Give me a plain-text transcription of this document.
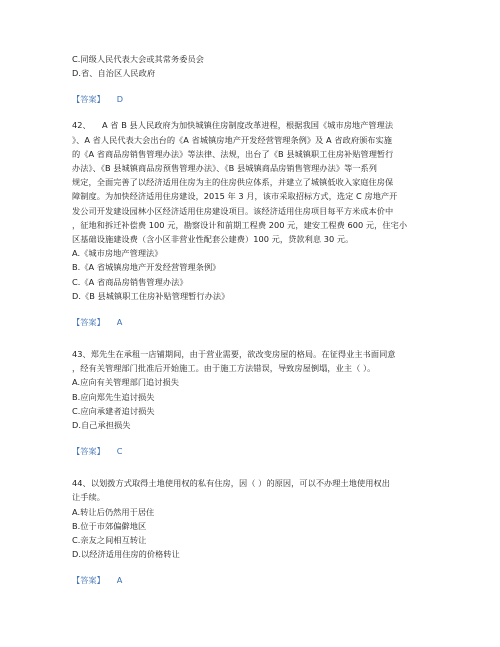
C.同级人民代表大会或其常务委员会
D.省、自治区人民政府
【答案】 D
42、 A 省 B 县人民政府为加快城镇住房制度改革进程，根据我国《城市房地产管理法
》、A 省人民代表大会出台的《A 省城镇房地产开发经营管理条例》及 A 省政府颁布实施
的《A 省商品房销售管理办法》等法律、法规，出台了《B 县城镇职工住房补贴管理暂行
办法》、《B 县城镇商品房预售管理办法》、《B 县城镇商品房销售管理办法》等一系列
规定，全面完善了以经济适用住房为主的住房供应体系，并建立了城镇低收入家庭住房保
障制度。为加快经济适用住房建设，2015 年 3 月，该市采取招标方式，选定 C 房地产开
发公司开发建设园林小区经济适用住房建设项目。该经济适用住房项目每平方米成本价中
，征地和拆迁补偿费 100 元，勘察设计和前期工程费 200 元，建安工程费 600 元，住宅小
区基础设施建设费（含小区非营业性配套公建费）100 元，贷款利息 30 元。
A.《城市房地产管理法》
B.《A 省城镇房地产开发经营管理条例》
C.《A 省商品房销售管理办法》
D.《B 县城镇职工住房补贴管理暂行办法》
【答案】 A
43、郑先生在承租一店铺期间，由于营业需要，欲改变房屋的格局。在征得业主书面同意
，经有关管理部门批准后开始施工。由于施工方法错误，导致房屋倒塌，业主（ ）。
A.应向有关管理部门追讨损失
B.应向郑先生追讨损失
C.应向承建者追讨损失
D.自己承担损失
【答案】 C
44、以划拨方式取得土地使用权的私有住房，因（ ）的原因，可以不办理土地使用权出
让手续。
A.转让后仍然用于居住
B.位于市郊偏僻地区
C.亲友之间相互转让
D.以经济适用住房的价格转让
【答案】 A
